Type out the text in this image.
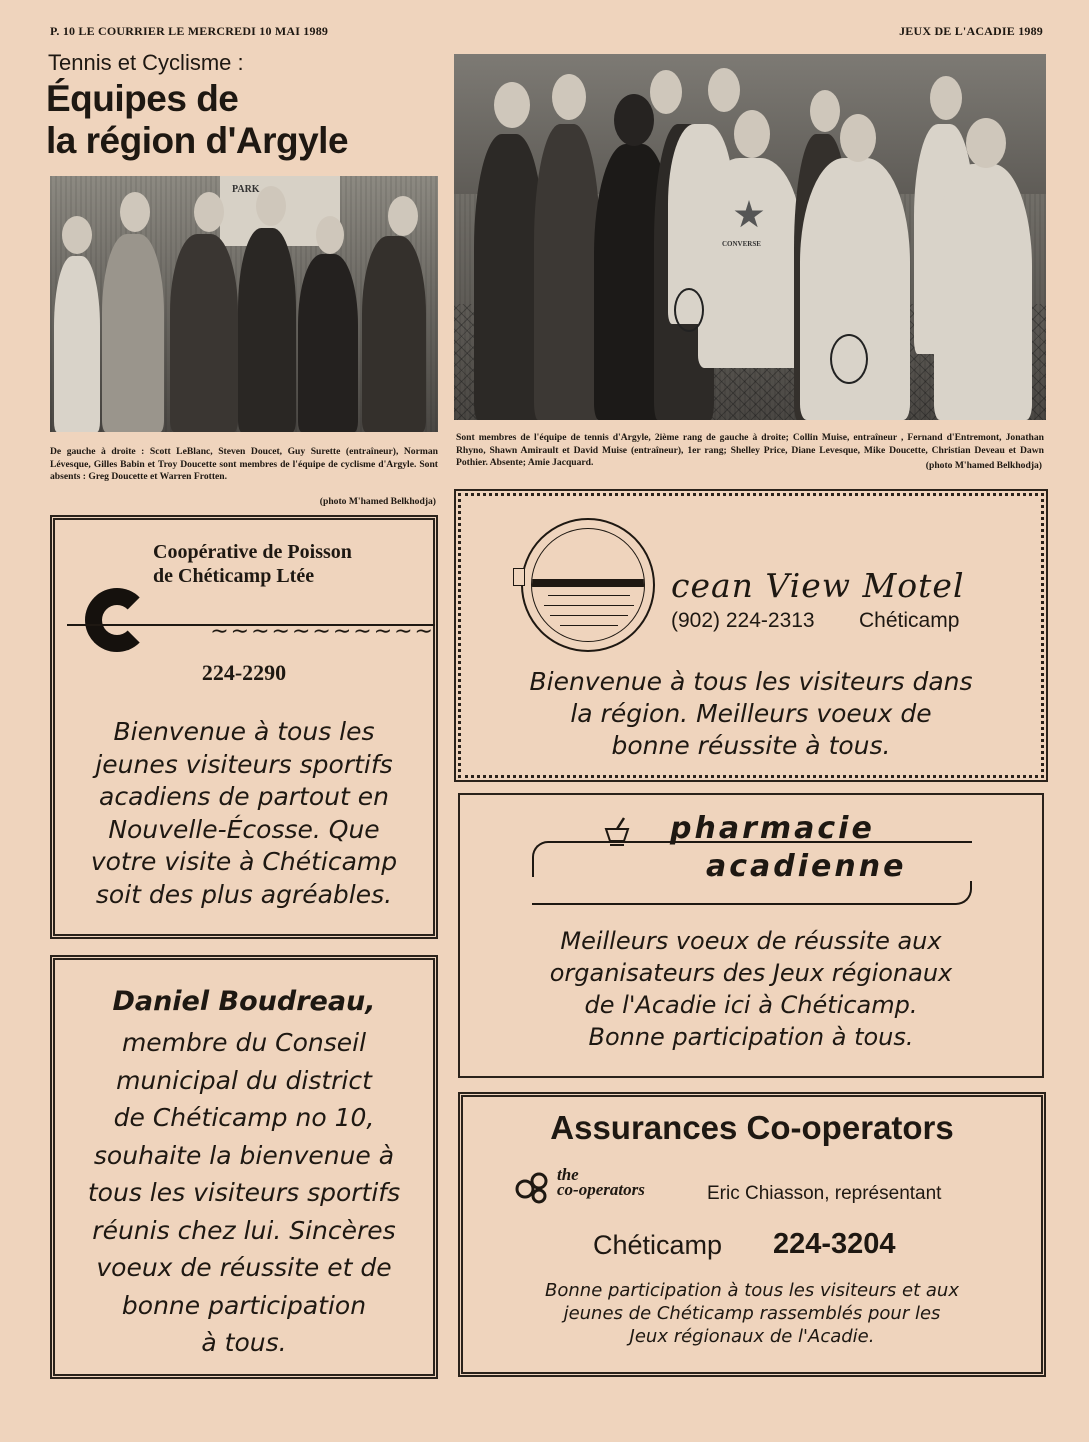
P. 10 LE COURRIER LE MERCREDI 10 MAI 1989	JEUX DE L'ACADIE 1989
Tennis et Cyclisme :
Équipes de
la région d'Argyle
PARK
De gauche à droite : Scott LeBlanc, Steven Doucet, Guy Surette (entraîneur), Norman Lévesque, Gilles Babin et Troy Doucette sont membres de l'équipe de cyclisme d'Argyle. Sont absents : Greg Doucette et Warren Frotten.
(photo M'hamed Belkhodja)
CONVERSE
Sont membres de l'équipe de tennis d'Argyle, 2ième rang de gauche à droite; Collin Muise, entraîneur , Fernand d'Entremont, Jonathan Rhyno, Shawn Amirault et David Muise (entraîneur), 1er rang; Shelley Price, Diane Levesque, Mike Doucette, Christian Deveau et Dawn Pothier. Absente; Amie Jacquard.	(photo M'hamed Belkhodja)
Coopérative de Poisson
de Chéticamp Ltée
∼∼∼∼∼∼∼∼∼∼∼
224-2290
Bienvenue à tous les
jeunes visiteurs sportifs
acadiens de partout en
Nouvelle-Écosse. Que
votre visite à Chéticamp
soit des plus agréables.
cean View Motel
(902) 224-2313 Chéticamp
Bienvenue à tous les visiteurs dans
la région. Meilleurs voeux de
bonne réussite à tous.
pharmacie
acadienne
Meilleurs voeux de réussite aux
organisateurs des Jeux régionaux
de l'Acadie ici à Chéticamp.
Bonne participation à tous.
Daniel Boudreau,
membre du Conseil
municipal du district
de Chéticamp no 10,
souhaite la bienvenue à
tous les visiteurs sportifs
réunis chez lui. Sincères
voeux de réussite et de
bonne participation
à tous.
Assurances Co-operators
the
co-operators	Eric Chiasson, représentant
Chéticamp 224-3204
Bonne participation à tous les visiteurs et aux
jeunes de Chéticamp rassemblés pour les
Jeux régionaux de l'Acadie.
